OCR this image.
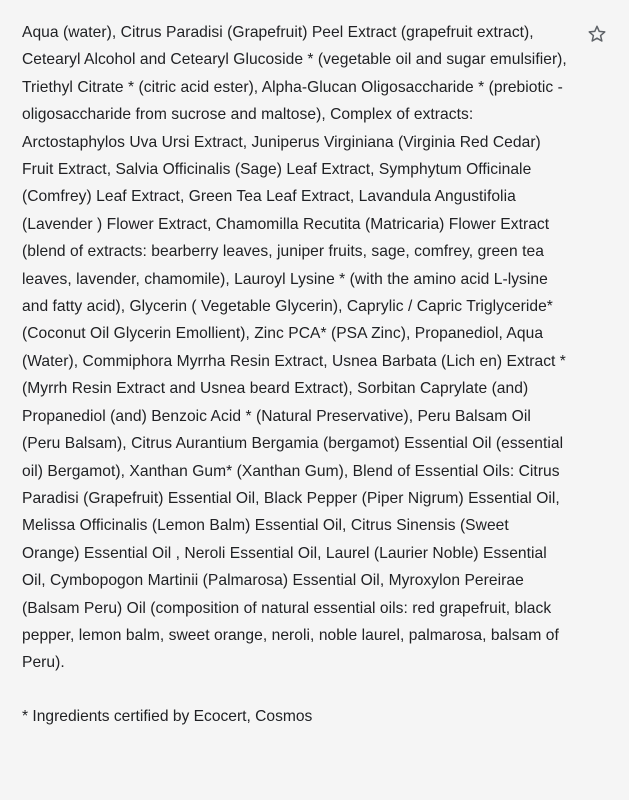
Aqua (water), Citrus Paradisi (Grapefruit) Peel Extract (grapefruit extract), Cetearyl Alcohol and Cetearyl Glucoside * (vegetable oil and sugar emulsifier), Triethyl Citrate * (citric acid ester), Alpha-Glucan Oligosaccharide * (prebiotic - oligosaccharide from sucrose and maltose), Complex of extracts: Arctostaphylos Uva Ursi Extract, Juniperus Virginiana (Virginia Red Cedar) Fruit Extract, Salvia Officinalis (Sage) Leaf Extract, Symphytum Officinale (Comfrey) Leaf Extract, Green Tea Leaf Extract, Lavandula Angustifolia (Lavender ) Flower Extract, Chamomilla Recutita (Matricaria) Flower Extract (blend of extracts: bearberry leaves, juniper fruits, sage, comfrey, green tea leaves, lavender, chamomile), Lauroyl Lysine * (with the amino acid L-lysine and fatty acid), Glycerin ( Vegetable Glycerin), Caprylic / Capric Triglyceride* (Coconut Oil Glycerin Emollient), Zinc PCA* (PSA Zinc), Propanediol, Aqua (Water), Commiphora Myrrha Resin Extract, Usnea Barbata (Lich en) Extract * (Myrrh Resin Extract and Usnea beard Extract), Sorbitan Caprylate (and) Propanediol (and) Benzoic Acid * (Natural Preservative), Peru Balsam Oil (Peru Balsam), Citrus Aurantium Bergamia (bergamot) Essential Oil (essential oil) Bergamot), Xanthan Gum* (Xanthan Gum), Blend of Essential Oils: Citrus Paradisi (Grapefruit) Essential Oil, Black Pepper (Piper Nigrum) Essential Oil, Melissa Officinalis (Lemon Balm) Essential Oil, Citrus Sinensis (Sweet Orange) Essential Oil , Neroli Essential Oil, Laurel (Laurier Noble) Essential Oil, Cymbopogon Martinii (Palmarosa) Essential Oil, Myroxylon Pereirae (Balsam Peru) Oil (composition of natural essential oils: red grapefruit, black pepper, lemon balm, sweet orange, neroli, noble laurel, palmarosa, balsam of Peru).

* Ingredients certified by Ecocert, Cosmos
